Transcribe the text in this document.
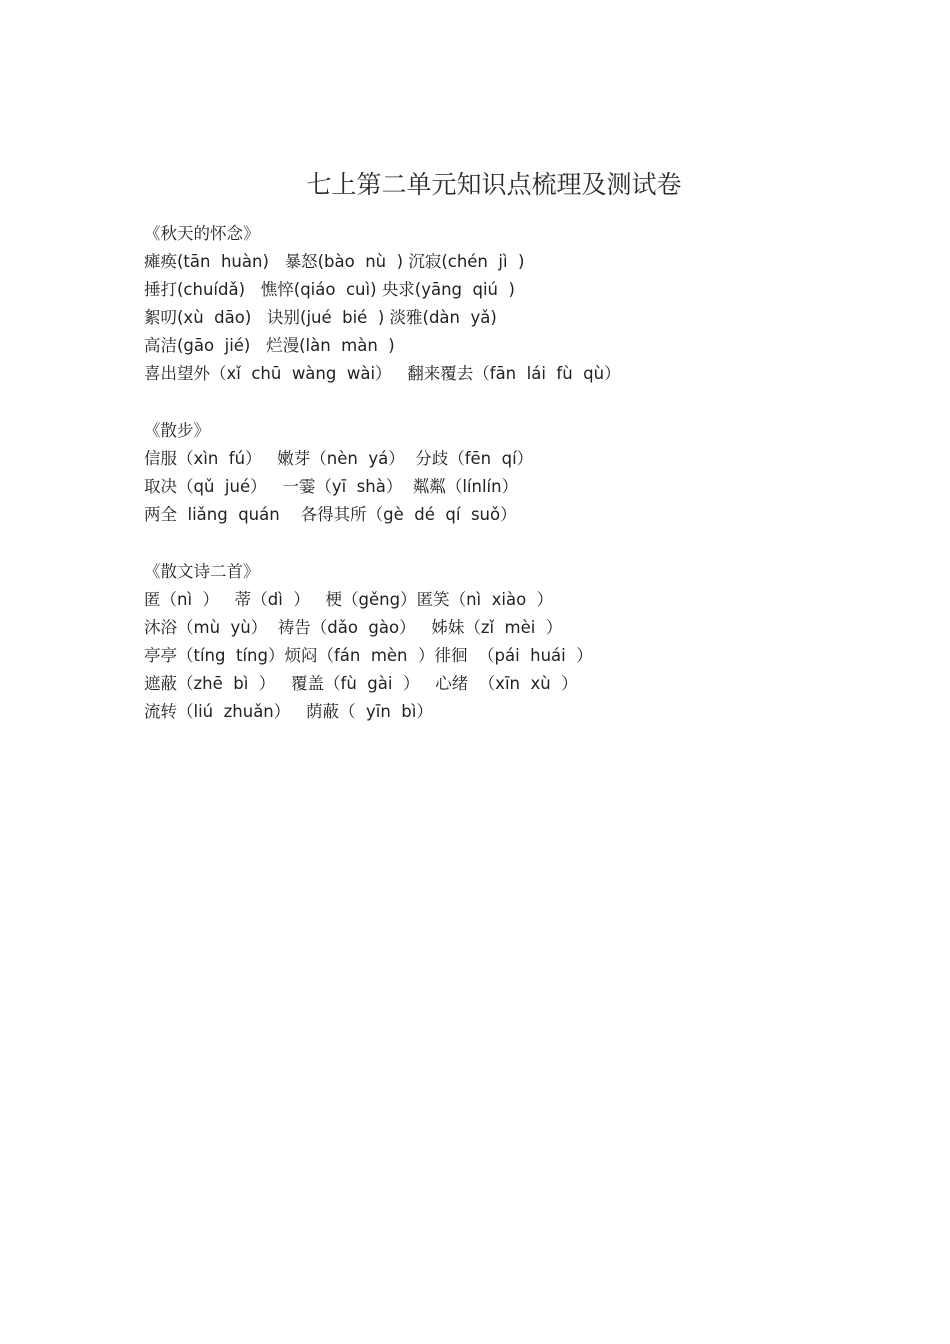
七上第二单元知识点梳理及测试卷
《秋天的怀念》
瘫痪(tān  huàn)   暴怒(bào  nù  ) 沉寂(chén  jì  )
捶打(chuídǎ)   憔悴(qiáo  cuì) 央求(yāng  qiú  )
絮叨(xù  dāo)   诀别(jué  bié  ) 淡雅(dàn  yǎ)
高洁(gāo  jié)   烂漫(làn  màn  )
喜出望外（xǐ  chū  wàng  wài）   翻来覆去（fān  lái  fù  qù）
《散步》
信服（xìn  fú）   嫩芽（nèn  yá）  分歧（fēn  qí）
取决（qǔ  jué）   一霎（yī  shà）  粼粼（línlín）
两全  liǎng  quán    各得其所（gè  dé  qí  suǒ）
《散文诗二首》
匿（nì  ）   蒂（dì  ）   梗（gěng）匿笑（nì  xiào  ）
沐浴（mù  yù）  祷告（dǎo  gào）   姊妹（zǐ  mèi  ）
亭亭（tíng  tíng）烦闷（fán  mèn  ）徘徊  （pái  huái  ）
遮蔽（zhē  bì  ）   覆盖（fù  gài  ）   心绪  （xīn  xù  ）
流转（liú  zhuǎn）   荫蔽（  yīn  bì）
